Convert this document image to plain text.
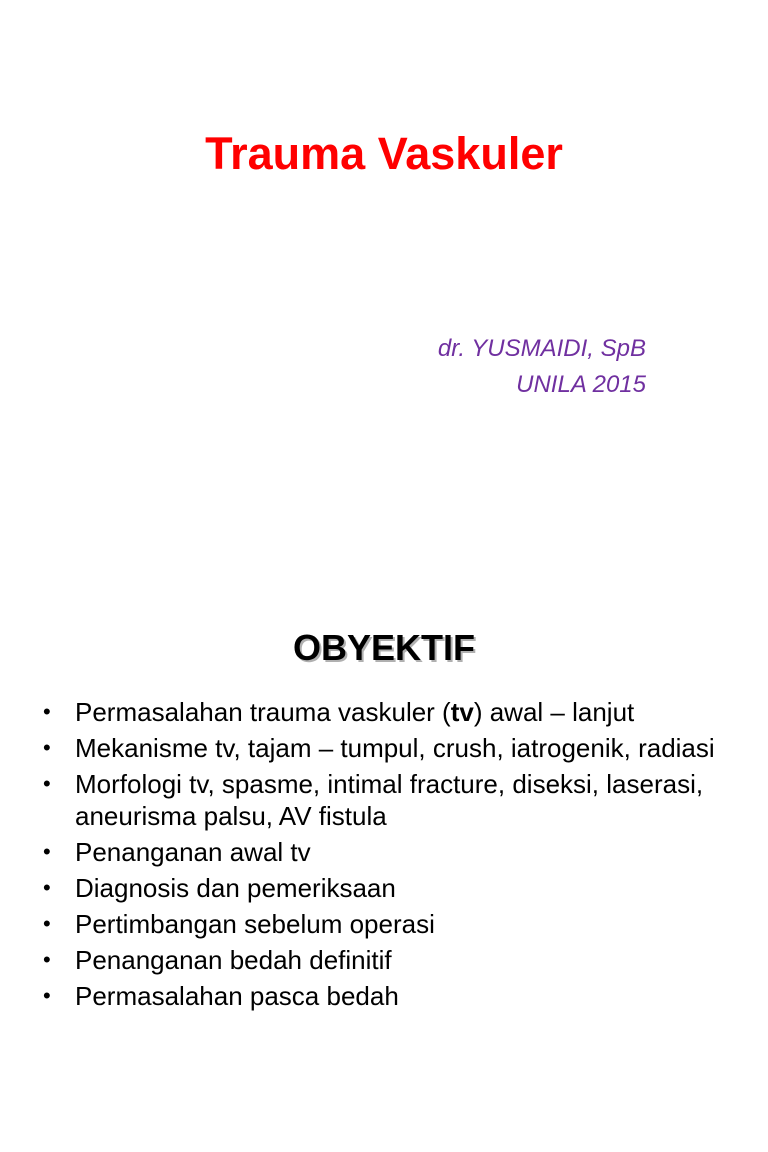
Trauma Vaskuler
dr. YUSMAIDI, SpB
UNILA 2015
OBYEKTIF
• Permasalahan trauma vaskuler (tv) awal – lanjut
• Mekanisme tv, tajam – tumpul, crush, iatrogenik, radiasi
• Morfologi tv, spasme, intimal fracture, diseksi, laserasi, aneurisma palsu, AV fistula
• Penanganan awal tv
• Diagnosis dan pemeriksaan
• Pertimbangan sebelum operasi
• Penanganan bedah definitif
• Permasalahan pasca bedah
